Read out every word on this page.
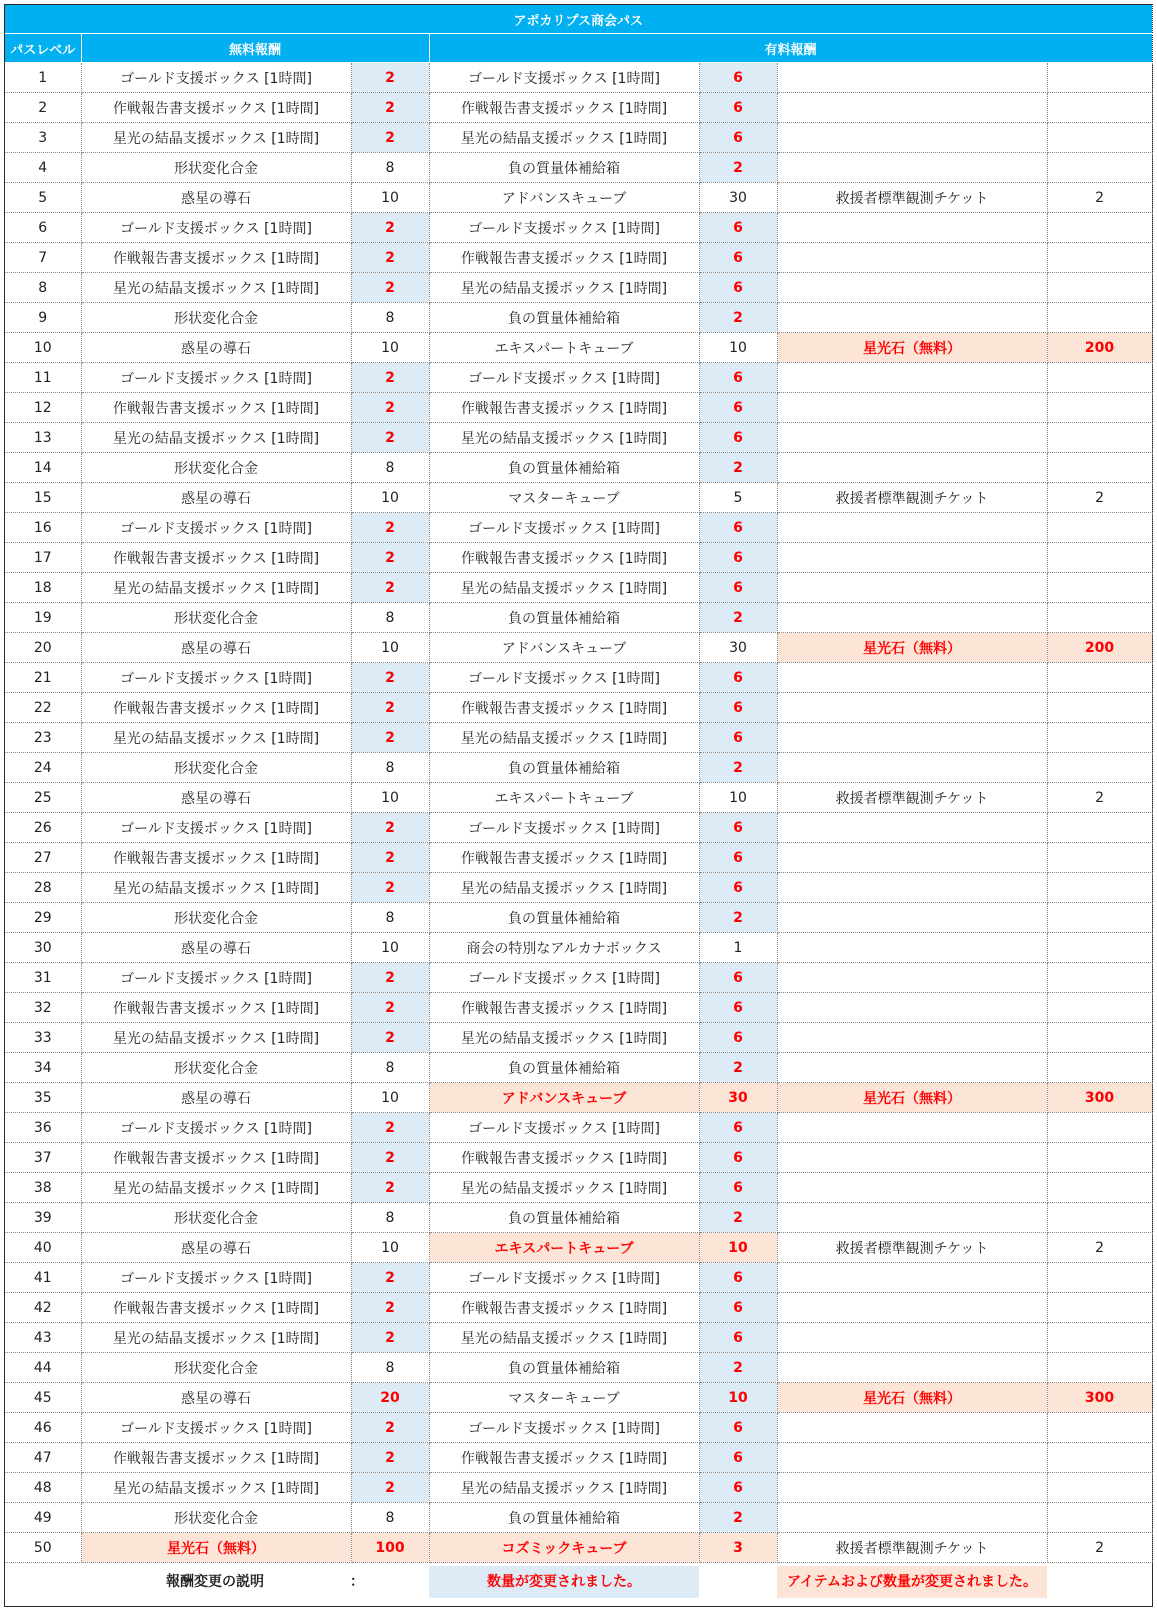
アポカリプス商会パス						
パスレベル	無料報酬		有料報酬			
1	ゴールド支援ボックス [1時間]	2	ゴールド支援ボックス [1時間]	6		
2	作戦報告書支援ボックス [1時間]	2	作戦報告書支援ボックス [1時間]	6		
3	星光の結晶支援ボックス [1時間]	2	星光の結晶支援ボックス [1時間]	6		
4	形状変化合金	8	負の質量体補給箱	2		
5	惑星の導石	10	アドバンスキューブ	30	救援者標準観測チケット	2
6	ゴールド支援ボックス [1時間]	2	ゴールド支援ボックス [1時間]	6		
7	作戦報告書支援ボックス [1時間]	2	作戦報告書支援ボックス [1時間]	6		
8	星光の結晶支援ボックス [1時間]	2	星光の結晶支援ボックス [1時間]	6		
9	形状変化合金	8	負の質量体補給箱	2		
10	惑星の導石	10	エキスパートキューブ	10	星光石（無料）	200
11	ゴールド支援ボックス [1時間]	2	ゴールド支援ボックス [1時間]	6		
12	作戦報告書支援ボックス [1時間]	2	作戦報告書支援ボックス [1時間]	6		
13	星光の結晶支援ボックス [1時間]	2	星光の結晶支援ボックス [1時間]	6		
14	形状変化合金	8	負の質量体補給箱	2		
15	惑星の導石	10	マスターキューブ	5	救援者標準観測チケット	2
16	ゴールド支援ボックス [1時間]	2	ゴールド支援ボックス [1時間]	6		
17	作戦報告書支援ボックス [1時間]	2	作戦報告書支援ボックス [1時間]	6		
18	星光の結晶支援ボックス [1時間]	2	星光の結晶支援ボックス [1時間]	6		
19	形状変化合金	8	負の質量体補給箱	2		
20	惑星の導石	10	アドバンスキューブ	30	星光石（無料）	200
21	ゴールド支援ボックス [1時間]	2	ゴールド支援ボックス [1時間]	6		
22	作戦報告書支援ボックス [1時間]	2	作戦報告書支援ボックス [1時間]	6		
23	星光の結晶支援ボックス [1時間]	2	星光の結晶支援ボックス [1時間]	6		
24	形状変化合金	8	負の質量体補給箱	2		
25	惑星の導石	10	エキスパートキューブ	10	救援者標準観測チケット	2
26	ゴールド支援ボックス [1時間]	2	ゴールド支援ボックス [1時間]	6		
27	作戦報告書支援ボックス [1時間]	2	作戦報告書支援ボックス [1時間]	6		
28	星光の結晶支援ボックス [1時間]	2	星光の結晶支援ボックス [1時間]	6		
29	形状変化合金	8	負の質量体補給箱	2		
30	惑星の導石	10	商会の特別なアルカナボックス	1		
31	ゴールド支援ボックス [1時間]	2	ゴールド支援ボックス [1時間]	6		
32	作戦報告書支援ボックス [1時間]	2	作戦報告書支援ボックス [1時間]	6		
33	星光の結晶支援ボックス [1時間]	2	星光の結晶支援ボックス [1時間]	6		
34	形状変化合金	8	負の質量体補給箱	2		
35	惑星の導石	10	アドバンスキューブ	30	星光石（無料）	300
36	ゴールド支援ボックス [1時間]	2	ゴールド支援ボックス [1時間]	6		
37	作戦報告書支援ボックス [1時間]	2	作戦報告書支援ボックス [1時間]	6		
38	星光の結晶支援ボックス [1時間]	2	星光の結晶支援ボックス [1時間]	6		
39	形状変化合金	8	負の質量体補給箱	2		
40	惑星の導石	10	エキスパートキューブ	10	救援者標準観測チケット	2
41	ゴールド支援ボックス [1時間]	2	ゴールド支援ボックス [1時間]	6		
42	作戦報告書支援ボックス [1時間]	2	作戦報告書支援ボックス [1時間]	6		
43	星光の結晶支援ボックス [1時間]	2	星光の結晶支援ボックス [1時間]	6		
44	形状変化合金	8	負の質量体補給箱	2		
45	惑星の導石	20	マスターキューブ	10	星光石（無料）	300
46	ゴールド支援ボックス [1時間]	2	ゴールド支援ボックス [1時間]	6		
47	作戦報告書支援ボックス [1時間]	2	作戦報告書支援ボックス [1時間]	6		
48	星光の結晶支援ボックス [1時間]	2	星光の結晶支援ボックス [1時間]	6		
49	形状変化合金	8	負の質量体補給箱	2		
50	星光石（無料）	100	コズミックキューブ	3	救援者標準観測チケット	2
報酬変更の説明	：	数量が変更されました。	アイテムおよび数量が変更されました。
